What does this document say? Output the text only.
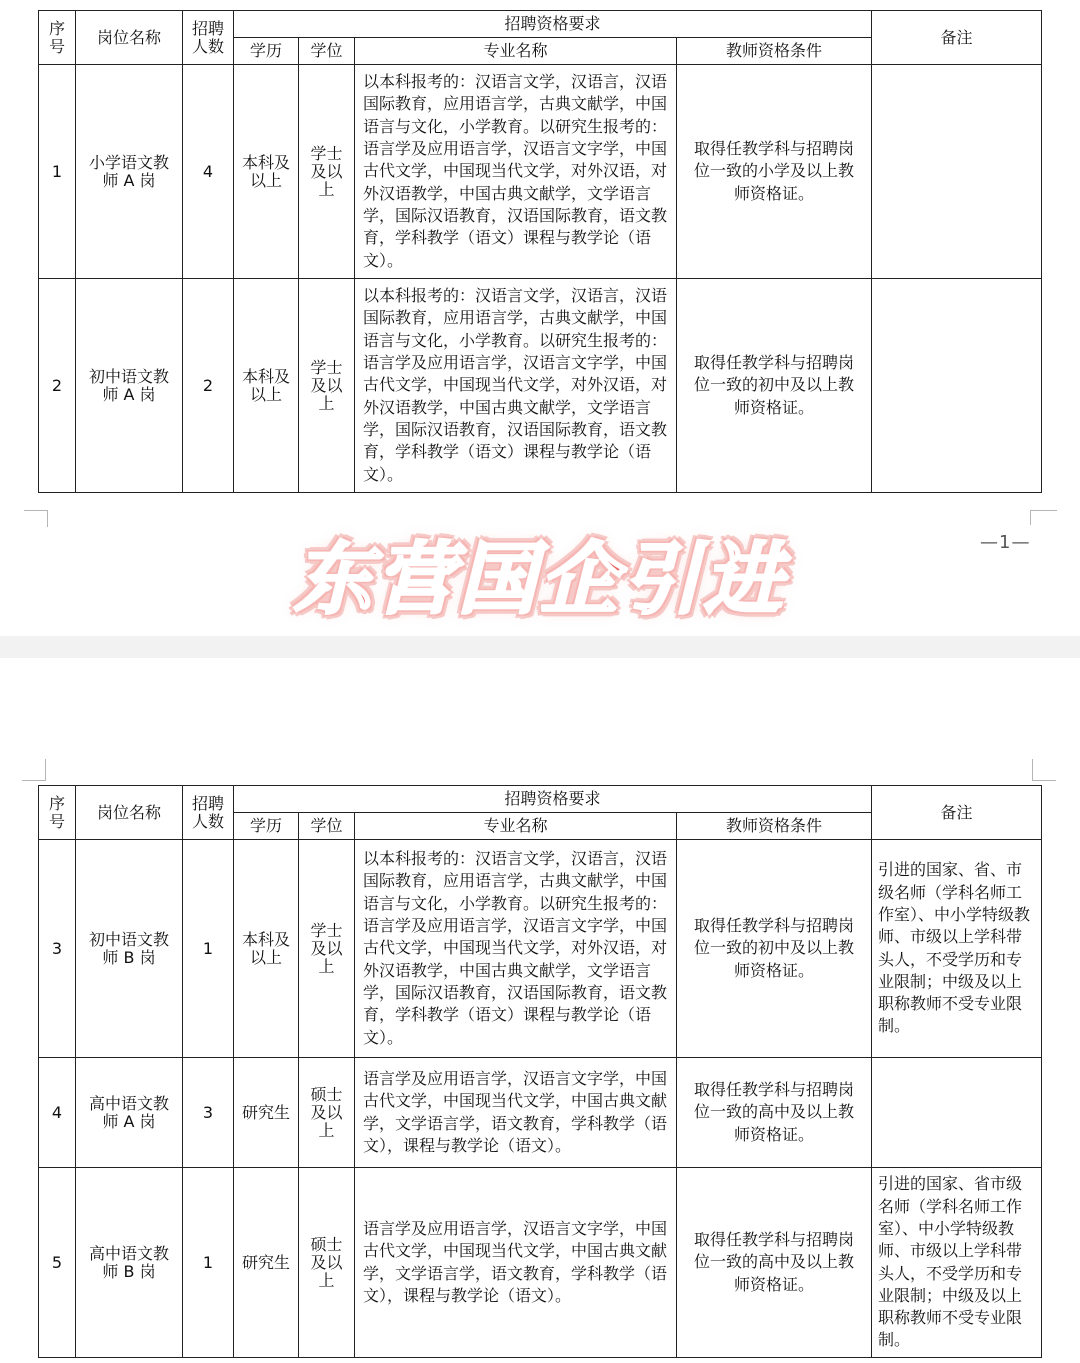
序号	岗位名称	招聘人数	招聘资格要求				备注
			学历	学位	专业名称	教师资格条件	
1	小学语文教师 A 岗	4	本科及以上	学士及以上	以本科报考的：汉语言文学，汉语言，汉语国际教育，应用语言学，古典文献学，中国语言与文化，小学教育。以研究生报考的：语言学及应用语言学，汉语言文字学，中国古代文学，中国现当代文学，对外汉语，对外汉语教学，中国古典文献学，文学语言学，国际汉语教育，汉语国际教育，语文教育，学科教学（语文）课程与教学论（语文）。	取得任教学科与招聘岗位一致的小学及以上教师资格证。	
2	初中语文教师 A 岗	2	本科及以上	学士及以上	以本科报考的：汉语言文学，汉语言，汉语国际教育，应用语言学，古典文献学，中国语言与文化，小学教育。以研究生报考的：语言学及应用语言学，汉语言文字学，中国古代文学，中国现当代文学，对外汉语，对外汉语教学，中国古典文献学，文学语言学，国际汉语教育，汉语国际教育，语文教育，学科教学（语文）课程与教学论（语文）。	取得任教学科与招聘岗位一致的初中及以上教师资格证。	
—1—
东营国企引进
序号	岗位名称	招聘人数	招聘资格要求				备注
			学历	学位	专业名称	教师资格条件	
3	初中语文教师 B 岗	1	本科及以上	学士及以上	以本科报考的：汉语言文学，汉语言，汉语国际教育，应用语言学，古典文献学，中国语言与文化，小学教育。以研究生报考的：语言学及应用语言学，汉语言文字学，中国古代文学，中国现当代文学，对外汉语，对外汉语教学，中国古典文献学，文学语言学，国际汉语教育，汉语国际教育，语文教育，学科教学（语文）课程与教学论（语文）。	取得任教学科与招聘岗位一致的初中及以上教师资格证。	引进的国家、省、市级名师（学科名师工作室）、中小学特级教师、市级以上学科带头人，不受学历和专业限制；中级及以上职称教师不受专业限制。
4	高中语文教师 A 岗	3	研究生	硕士及以上	语言学及应用语言学，汉语言文字学，中国古代文学，中国现当代文学，中国古典文献学，文学语言学，语文教育，学科教学（语文），课程与教学论（语文）。	取得任教学科与招聘岗位一致的高中及以上教师资格证。	
5	高中语文教师 B 岗	1	研究生	硕士及以上	语言学及应用语言学，汉语言文字学，中国古代文学，中国现当代文学，中国古典文献学，文学语言学，语文教育，学科教学（语文），课程与教学论（语文）。	取得任教学科与招聘岗位一致的高中及以上教师资格证。	引进的国家、省市级名师（学科名师工作室）、中小学特级教师、市级以上学科带头人，不受学历和专业限制；中级及以上职称教师不受专业限制。
